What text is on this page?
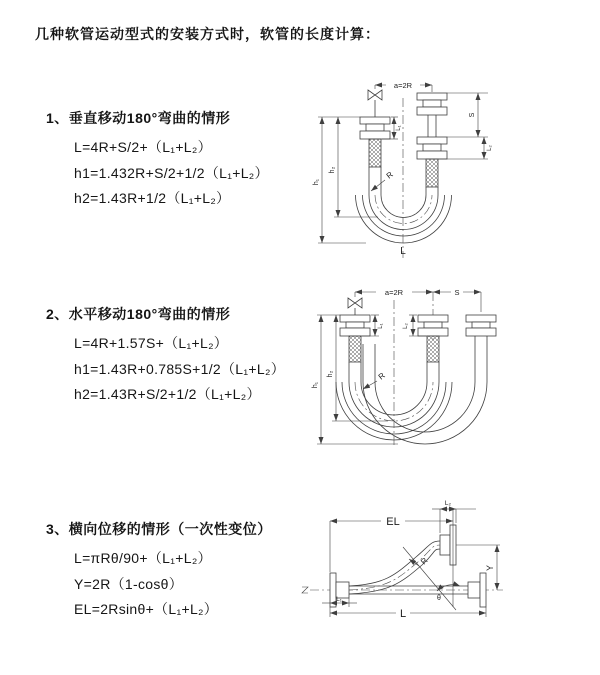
几种软管运动型式的安装方式时，软管的长度计算：
1、垂直移动180°弯曲的情形
L=4R+S/2+（L₁+L₂）
h1=1.432R+S/2+1/2（L₁+L₂）
h2=1.43R+1/2（L₁+L₂）
2、水平移动180°弯曲的情形
L=4R+1.57S+（L₁+L₂）
h1=1.43R+0.785S+1/2（L₁+L₂）
h2=1.43R+S/2+1/2（L₁+L₂）
3、横向位移的情形（一次性变位）
L=πRθ/90+（L₁+L₂）
Y=2R（1-cosθ）
EL=2Rsinθ+（L₁+L₂）
a=2R
L₁
S
L₂
h₁
h₂	R
L
a=2R	S
L₁	L₂
h₁
h₂	R
θ
EL
L₂
Y
R
L₁
L
